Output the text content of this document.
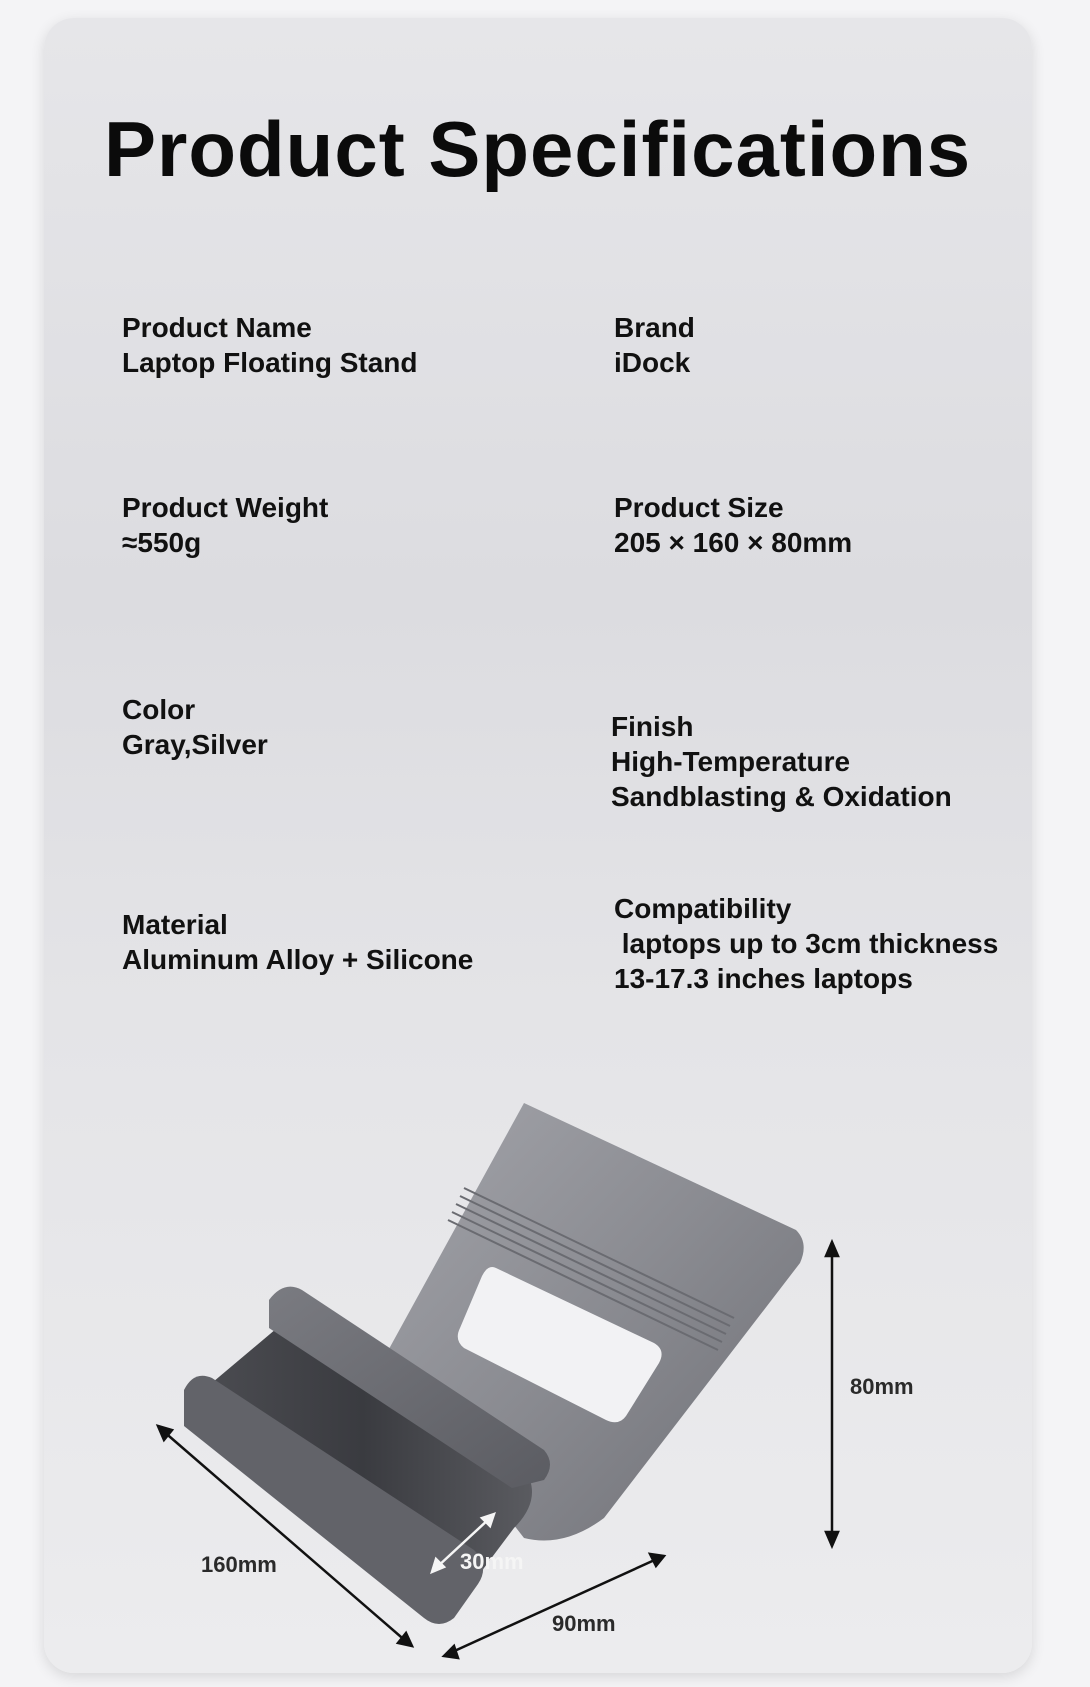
Product Specifications
Product Name
Laptop Floating Stand
Brand
iDock
Product Weight
≈550g
Product Size
205 × 160 × 80mm
Color
Gray,Silver
Finish
High-Temperature
Sandblasting & Oxidation
Material
Aluminum Alloy + Silicone
Compatibility
laptops up to 3cm thickness
13-17.3 inches laptops
80mm
160mm
90mm
30mm
